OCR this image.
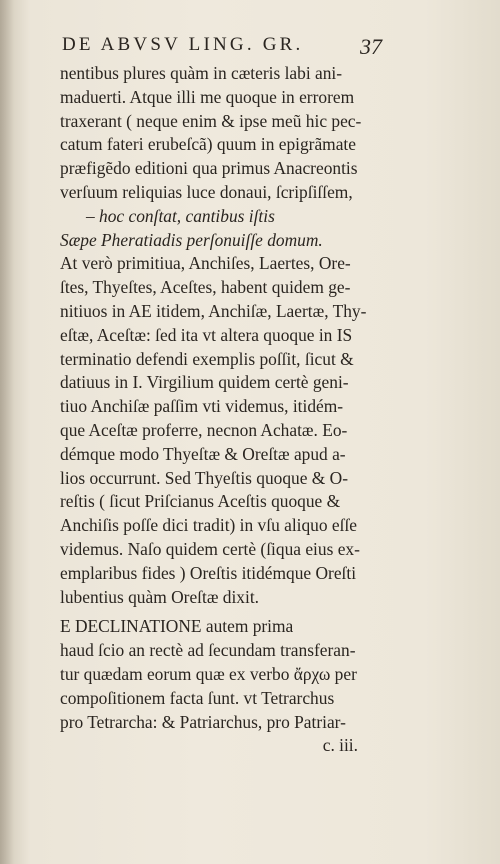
DE ABVSV LING. GR.	37
nentibus plures quàm in cæteris labi ani-
maduerti. Atque illi me quoque in errorem
traxerant ( neque enim & ipse meũ hic pec-
catum fateri erubeſcã) quum in epigrãmate
præfigẽdo editioni qua primus Anacreontis
verſuum reliquias luce donaui, ſcripſiſſem,
– hoc conſtat, cantibus iſtis
Sæpe Pheratiadis perſonuiſſe domum.
At verò primitiua, Anchiſes, Laertes, Ore-
ſtes, Thyeſtes, Aceſtes, habent quidem ge-
nitiuos in AE itidem, Anchiſæ, Laertæ, Thy-
eſtæ, Aceſtæ: ſed ita vt altera quoque in IS
terminatio defendi exemplis poſſit, ſicut &
datiuus in I. Virgilium quidem certè geni-
tiuo Anchiſæ paſſim vti videmus, itidém-
que Aceſtæ proferre, necnon Achatæ. Eo-
démque modo Thyeſtæ & Oreſtæ apud a-
lios occurrunt. Sed Thyeſtis quoque & O-
reſtis ( ſicut Priſcianus Aceſtis quoque &
Anchiſis poſſe dici tradit) in vſu aliquo eſſe
videmus. Naſo quidem certè (ſiqua eius ex-
emplaribus fides ) Oreſtis itidémque Oreſti
lubentius quàm Oreſtæ dixit.
E DECLINATIONE autem prima
haud ſcio an rectè ad ſecundam transferan-
tur quædam eorum quæ ex verbo ἄρχω per
compoſitionem facta ſunt. vt Tetrarchus
pro Tetrarcha: & Patriarchus, pro Patriar-
c. iii.
